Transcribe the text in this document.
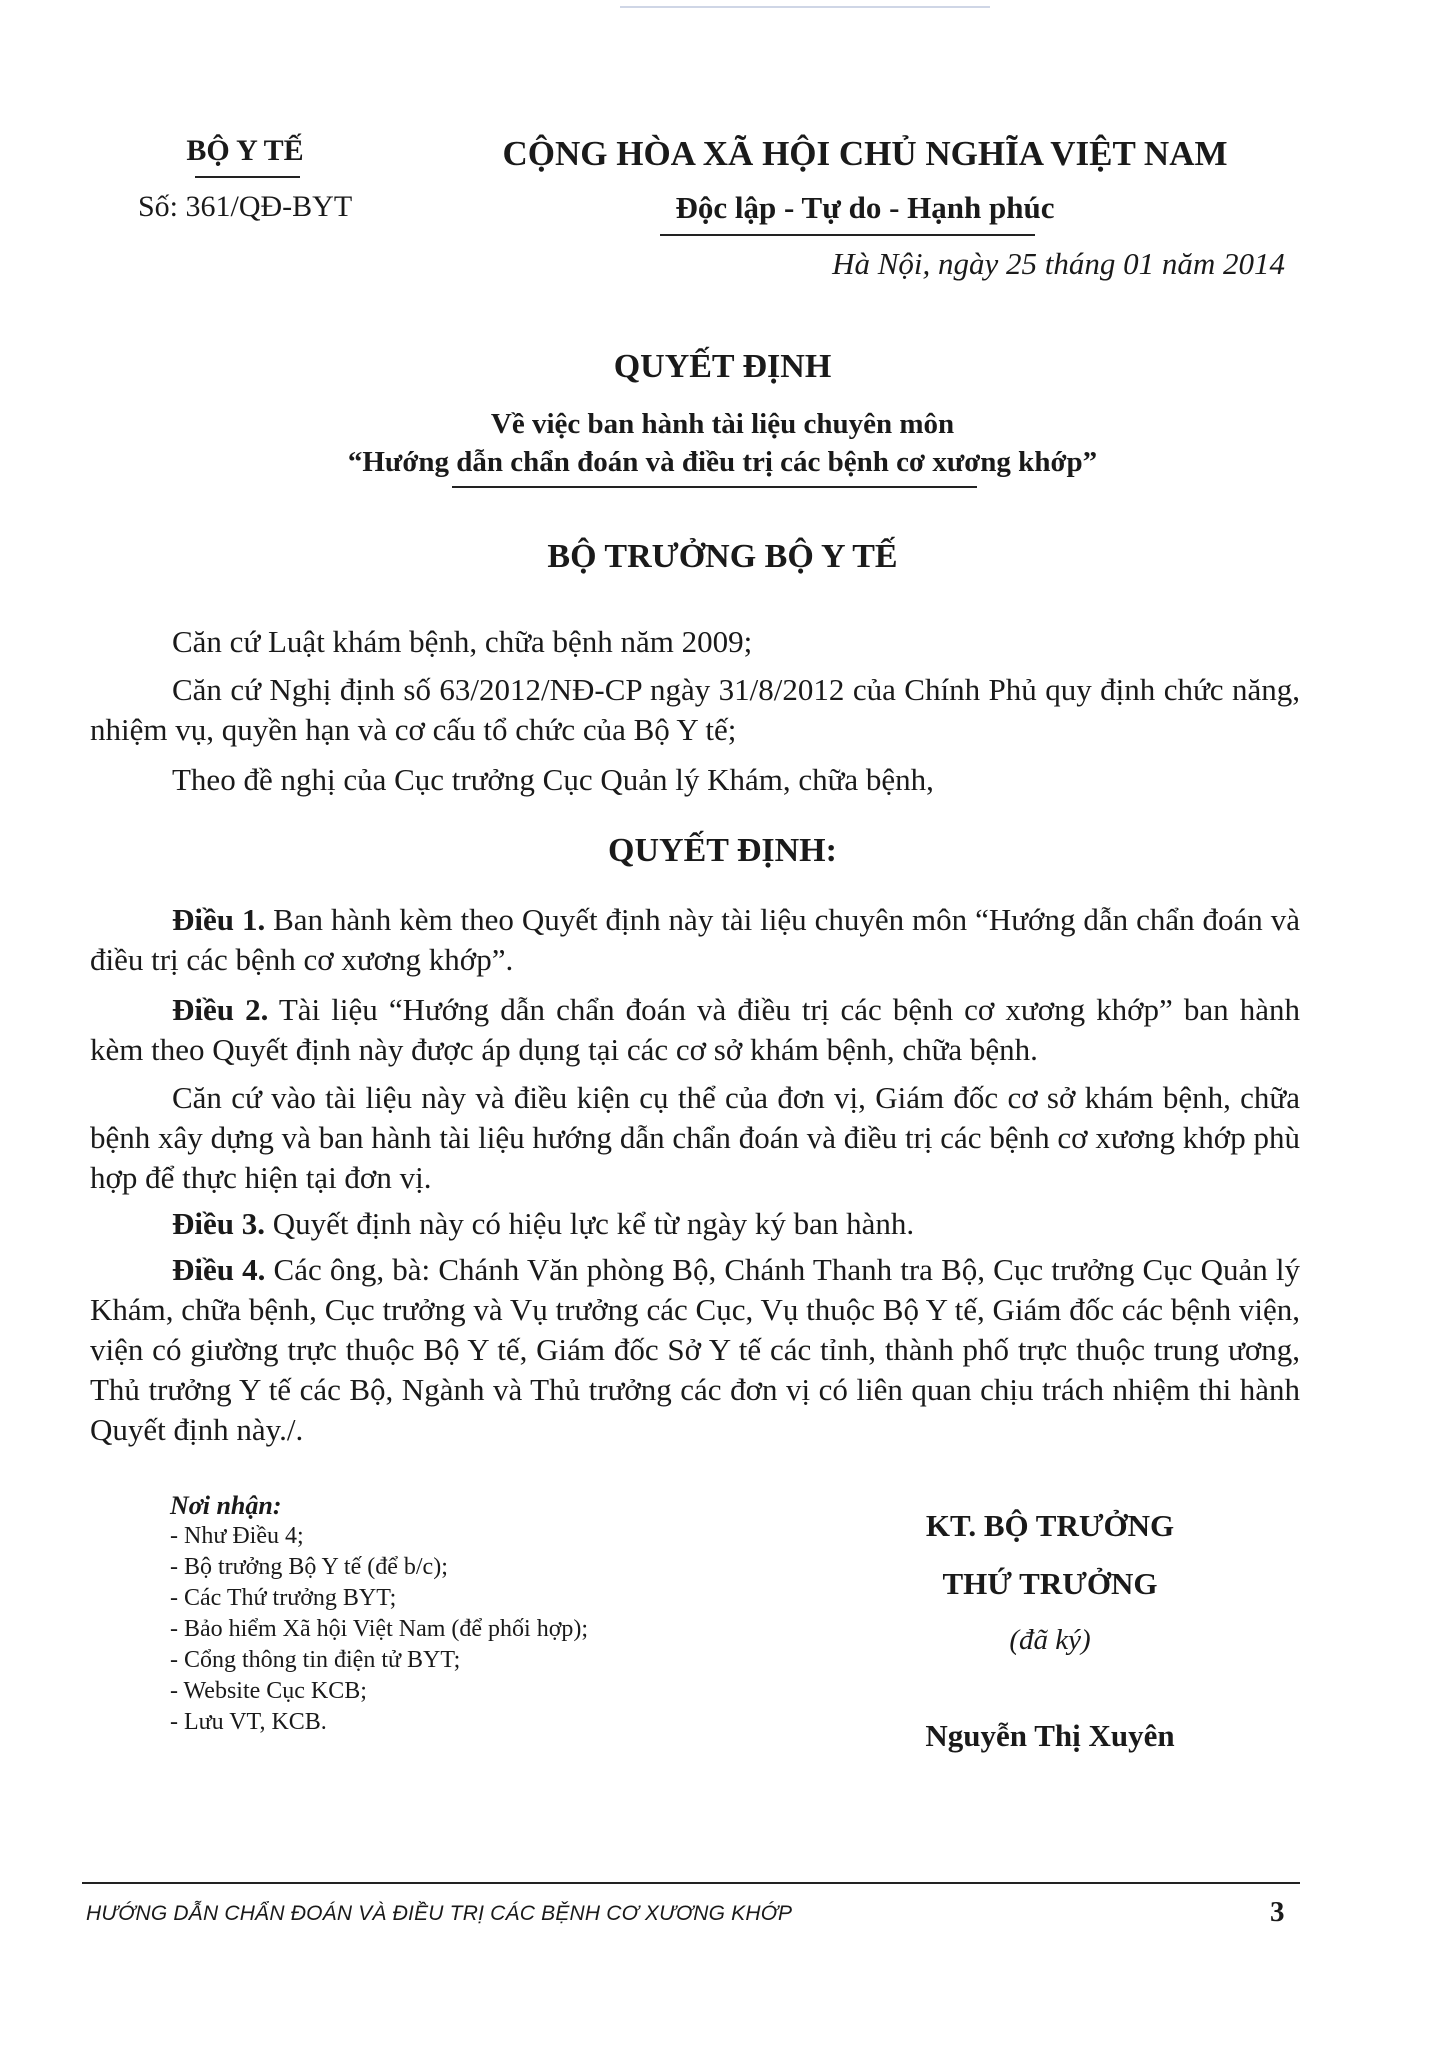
BỘ Y TẾ
Số: 361/QĐ-BYT
CỘNG HÒA XÃ HỘI CHỦ NGHĨA VIỆT NAM
Độc lập - Tự do - Hạnh phúc
Hà Nội, ngày 25 tháng 01 năm 2014
QUYẾT ĐỊNH
Về việc ban hành tài liệu chuyên môn
“Hướng dẫn chẩn đoán và điều trị các bệnh cơ xương khớp”
BỘ TRƯỞNG BỘ Y TẾ
Căn cứ Luật khám bệnh, chữa bệnh năm 2009;
Căn cứ Nghị định số 63/2012/NĐ-CP ngày 31/8/2012 của Chính Phủ quy định chức năng, nhiệm vụ, quyền hạn và cơ cấu tổ chức của Bộ Y tế;
Theo đề nghị của Cục trưởng Cục Quản lý Khám, chữa bệnh,
QUYẾT ĐỊNH:
Điều 1. Ban hành kèm theo Quyết định này tài liệu chuyên môn “Hướng dẫn chẩn đoán và điều trị các bệnh cơ xương khớp”.
Điều 2. Tài liệu “Hướng dẫn chẩn đoán và điều trị các bệnh cơ xương khớp” ban hành kèm theo Quyết định này được áp dụng tại các cơ sở khám bệnh, chữa bệnh.
Căn cứ vào tài liệu này và điều kiện cụ thể của đơn vị, Giám đốc cơ sở khám bệnh, chữa bệnh xây dựng và ban hành tài liệu hướng dẫn chẩn đoán và điều trị các bệnh cơ xương khớp phù hợp để thực hiện tại đơn vị.
Điều 3. Quyết định này có hiệu lực kể từ ngày ký ban hành.
Điều 4. Các ông, bà: Chánh Văn phòng Bộ, Chánh Thanh tra Bộ, Cục trưởng Cục Quản lý Khám, chữa bệnh, Cục trưởng và Vụ trưởng các Cục, Vụ thuộc Bộ Y tế, Giám đốc các bệnh viện, viện có giường trực thuộc Bộ Y tế, Giám đốc Sở Y tế các tỉnh, thành phố trực thuộc trung ương, Thủ trưởng Y tế các Bộ, Ngành và Thủ trưởng các đơn vị có liên quan chịu trách nhiệm thi hành Quyết định này./.
Nơi nhận:
- Như Điều 4;
- Bộ trưởng Bộ Y tế (để b/c);
- Các Thứ trưởng BYT;
- Bảo hiểm Xã hội Việt Nam (để phối hợp);
- Cổng thông tin điện tử BYT;
- Website Cục KCB;
- Lưu VT, KCB.
KT. BỘ TRƯỞNG
THỨ TRƯỞNG
(đã ký)
Nguyễn Thị Xuyên
HƯỚNG DẪN CHẨN ĐOÁN VÀ ĐIỀU TRỊ CÁC BỆNH CƠ XƯƠNG KHỚP	3
